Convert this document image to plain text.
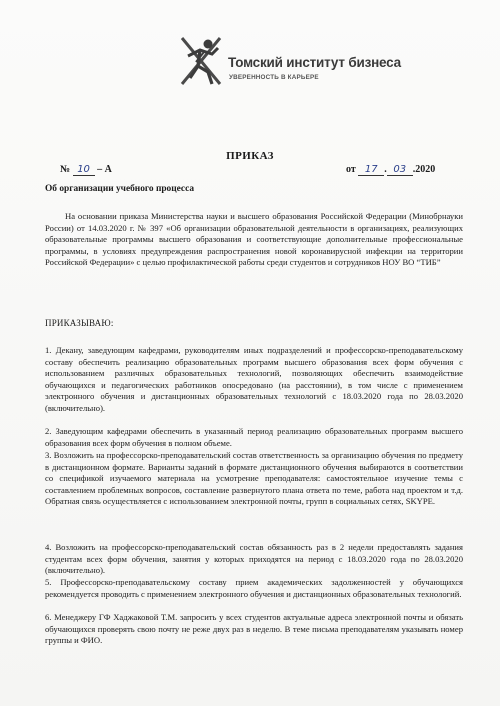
Томский институт бизнеса
УВЕРЕННОСТЬ В КАРЬЕРЕ
ПРИКАЗ
№ 10 – А	от 17 . 03 .2020
Об организации учебного процесса
На основании приказа Министерства науки и высшего образования Российской Федерации (Минобрнауки России) от 14.03.2020 г. № 397 «Об организации образовательной деятельности в организациях, реализующих образовательные программы высшего образования и соответствующие дополнительные профессиональные программы, в условиях предупреждения распространения новой коронавирусной инфекции на территории Российской Федерации» с целью профилактической работы среди студентов и сотрудников НОУ ВО “ТИБ”
ПРИКАЗЫВАЮ:
1. Декану, заведующим кафедрами, руководителям иных подразделений и профессорско-преподавательскому составу обеспечить реализацию образовательных программ высшего образования всех форм обучения с использованием различных образовательных технологий, позволяющих обеспечить взаимодействие обучающихся и педагогических работников опосредовано (на расстоянии), в том числе с применением электронного обучения и дистанционных образовательных технологий с 18.03.2020 года по 28.03.2020 (включительно).
2. Заведующим кафедрами обеспечить в указанный период реализацию образовательных программ высшего образования всех форм обучения в полном объеме.
3. Возложить на профессорско-преподавательский состав ответственность за организацию обучения по предмету в дистанционном формате. Варианты заданий в формате дистанционного обучения выбираются в соответствии со спецификой изучаемого материала на усмотрение преподавателя: самостоятельное изучение темы с составлением проблемных вопросов, составление развернутого плана ответа по теме, работа над проектом и т.д. Обратная связь осуществляется с использованием электронной почты, групп в социальных сетях, SKYPE.
4. Возложить на профессорско-преподавательский состав обязанность раз в 2 недели предоставлять задания студентам всех форм обучения, занятия у которых приходятся на период с 18.03.2020 года по 28.03.2020 (включительно).
5. Профессорско-преподавательскому составу прием академических задолженностей у обучающихся рекомендуется проводить с применением электронного обучения и дистанционных образовательных технологий.
6. Менеджеру ГФ Хаджаковой Т.М. запросить у всех студентов актуальные адреса электронной почты и обязать обучающихся проверять свою почту не реже двух раз в неделю. В теме письма преподавателям указывать номер группы и ФИО.
